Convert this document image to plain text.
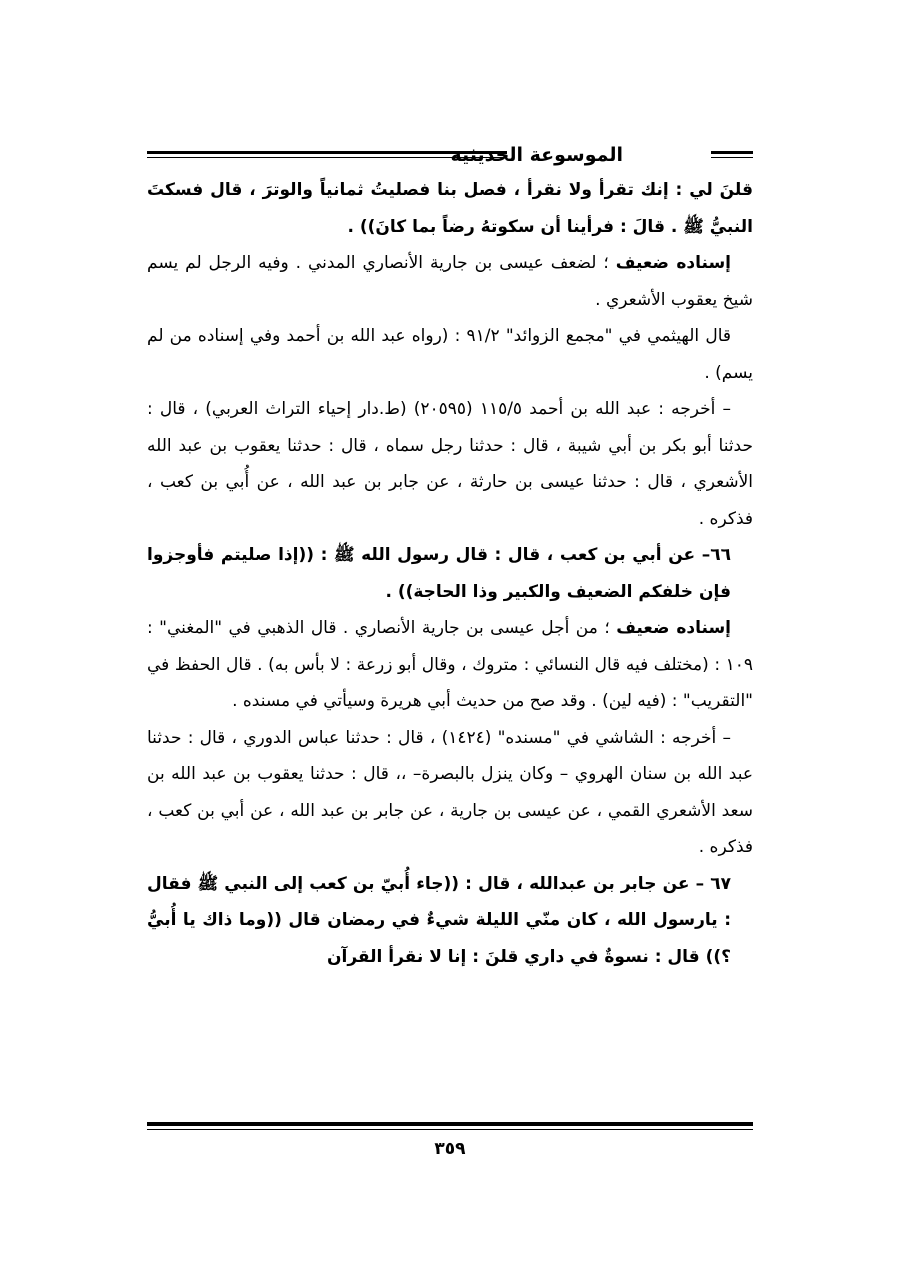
الموسوعة الحديثية

قلنَ لي : إنك تقرأ ولا نقرأ ، فصل بنا فصليتُ ثمانياً والوترَ ، قال فسكتَ النبيُّ ﷺ . قالَ : فرأينا أن سكوتهُ رضاً بما كانَ)) .

إسناده ضعيف ؛ لضعف عيسى بن جارية الأنصاري المدني . وفيه الرجل لم يسم شيخ يعقوب الأشعري .

قال الهيثمي في "مجمع الزوائد" ٩١/٢ : (رواه عبد الله بن أحمد وفي إسناده من لم يسم) .

– أخرجه : عبد الله بن أحمد ١١٥/٥ (٢٠٥٩٥) (ط.دار إحياء التراث العربي) ، قال : حدثنا أبو بكر بن أبي شيبة ، قال : حدثنا رجل سماه ، قال : حدثنا يعقوب بن عبد الله الأشعري ، قال : حدثنا عيسى بن حارثة ، عن جابر بن عبد الله ، عن أُبي بن كعب ، فذكره .

٦٦– عن أبي بن كعب ، قال : قال رسول الله ﷺ : ((إذا صليتم فأوجزوا فإن خلفكم الضعيف والكبير وذا الحاجة)) .

إسناده ضعيف ؛ من أجل عيسى بن جارية الأنصاري . قال الذهبي في "المغني" : ١٠٩ : (مختلف فيه قال النسائي : متروك ، وقال أبو زرعة : لا بأس به) . قال الحفظ في "التقريب" : (فيه لين) . وقد صح من حديث أبي هريرة وسيأتي في مسنده .

– أخرجه : الشاشي في "مسنده" (١٤٢٤) ، قال : حدثنا عباس الدوري ، قال : حدثنا عبد الله بن سنان الهروي – وكان ينزل بالبصرة– ،، قال : حدثنا يعقوب بن عبد الله بن سعد الأشعري القمي ، عن عيسى بن جارية ، عن جابر بن عبد الله ، عن أبي بن كعب ، فذكره .

٦٧ – عن جابر بن عبدالله ، قال : ((جاء أُبيّ بن كعب إلى النبي ﷺ فقال : يارسول الله ، كان منّي الليلة شيءٌ في رمضان قال ((وما ذاك يا أُبيُّ ؟)) قال : نسوةٌ في داري قلنَ : إنا لا نقرأ القرآن

٣٥٩
